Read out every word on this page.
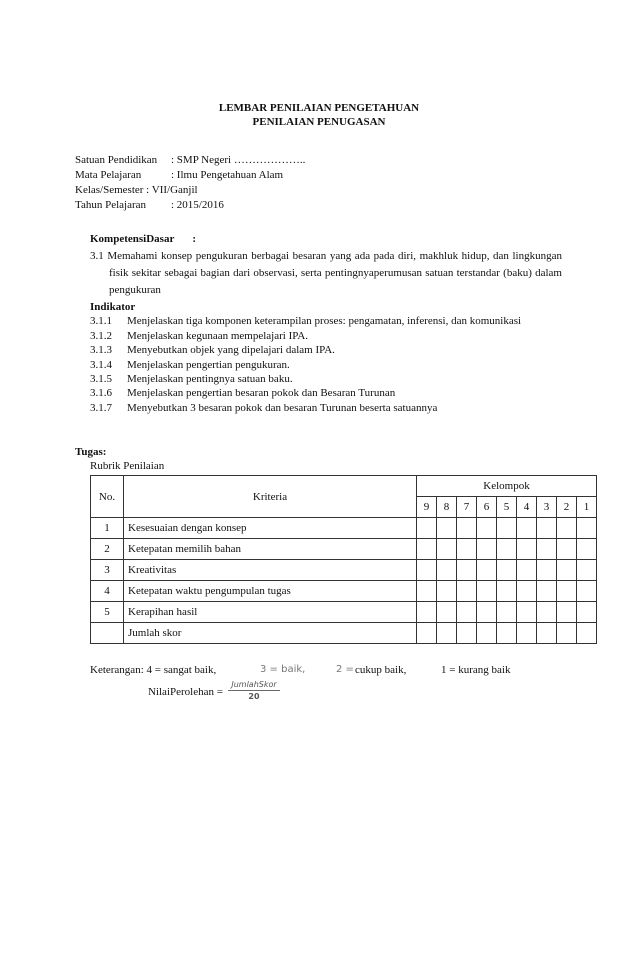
LEMBAR PENILAIAN PENGETAHUAN
PENILAIAN PENUGASAN
Satuan Pendidikan : SMP Negeri ………………..
Mata Pelajaran	: Ilmu Pengetahuan Alam
Kelas/Semester : VII/Ganjil
Tahun Pelajaran : 2015/2016
KompetensiDasar :
3.1 Memahami konsep pengukuran berbagai besaran yang ada pada diri, makhluk hidup, dan lingkungan fisik sekitar sebagai bagian dari observasi, serta pentingnyaperumusan satuan terstandar (baku) dalam pengukuran
Indikator
3.1.1 Menjelaskan tiga komponen keterampilan proses: pengamatan, inferensi, dan komunikasi
3.1.2 Menjelaskan kegunaan mempelajari IPA.
3.1.3 Menyebutkan objek yang dipelajari dalam IPA.
3.1.4 Menjelaskan pengertian pengukuran.
3.1.5 Menjelaskan pentingnya satuan baku.
3.1.6 Menjelaskan pengertian besaran pokok dan Besaran Turunan
3.1.7 Menyebutkan 3 besaran pokok dan besaran Turunan beserta satuannya
Tugas:
Rubrik Penilaian
No.	Kriteria	Kelompok								
		9	8	7	6	5	4	3	2	1
1	Kesesuaian dengan konsep									
2	Ketepatan memilih bahan									
3	Kreativitas									
4	Ketepatan waktu pengumpulan tugas									
5	Kerapihan hasil									
	Jumlah skor									
Keterangan: 4 = sangat baik,	3 = baik,	2 = cukup baik,	1 = kurang baik
NilaiPerolehan =
JumlahSkor
20
